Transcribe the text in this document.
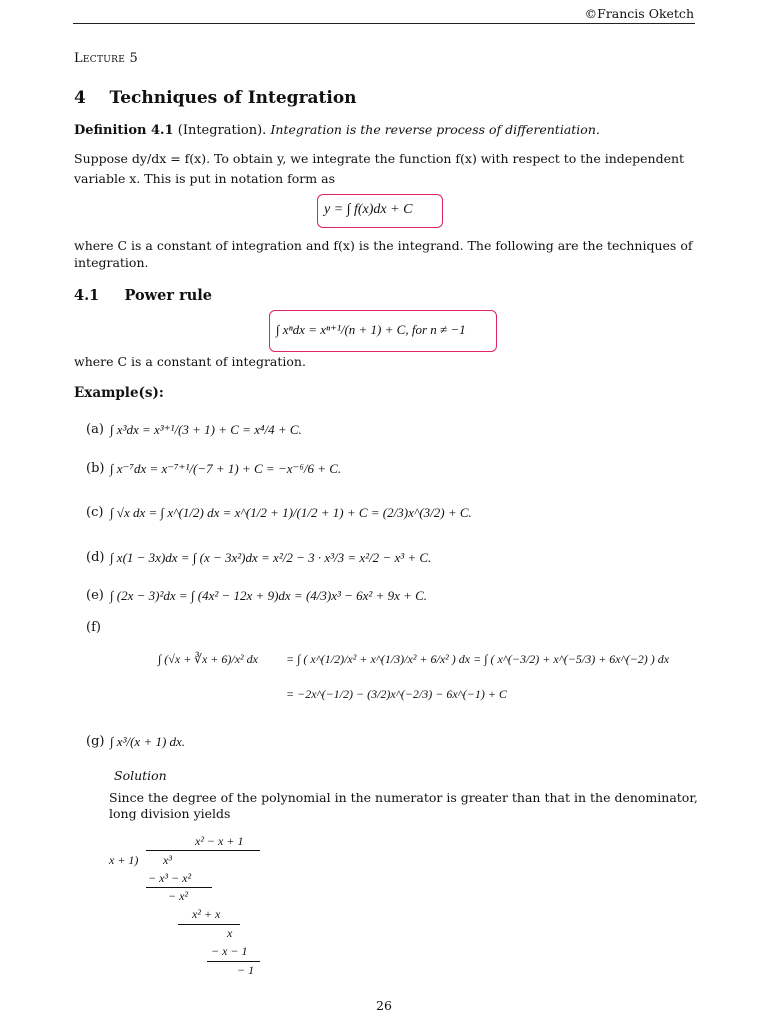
©Francis Oketch
Lecture 5
4 Techniques of Integration
Definition 4.1 (Integration). Integration is the reverse process of differentiation.
Suppose dy/dx = f(x). To obtain y, we integrate the function f(x) with respect to the independent
variable x. This is put in notation form as
y = ∫ f(x)dx + C
where C is a constant of integration and f(x) is the integrand. The following are the techniques of
integration.
4.1 Power rule
∫ xⁿdx = xⁿ⁺¹/(n + 1) + C, for n ≠ −1
where C is a constant of integration.
Example(s):
(a) ∫ x³dx = x³⁺¹/(3 + 1) + C = x⁴/4 + C.
(b) ∫ x⁻⁷dx = x⁻⁷⁺¹/(−7 + 1) + C = −x⁻⁶/6 + C.
(c) ∫ √x dx = ∫ x^(1/2) dx = x^(1/2 + 1)/(1/2 + 1) + C = (2/3)x^(3/2) + C.
(d) ∫ x(1 − 3x)dx = ∫ (x − 3x²)dx = x²/2 − 3 · x³/3 = x²/2 − x³ + C.
(e) ∫ (2x − 3)²dx = ∫ (4x² − 12x + 9)dx = (4/3)x³ − 6x² + 9x + C.
(f)
∫ (√x + ∛x + 6)/x² dx = ∫ ( x^(1/2)/x² + x^(1/3)/x² + 6/x² ) dx = ∫ ( x^(−3/2) + x^(−5/3) + 6x^(−2) ) dx
= −2x^(−1/2) − (3/2)x^(−2/3) − 6x^(−1) + C
(g) ∫ x³/(x + 1) dx.
Solution
Since the degree of the polynomial in the numerator is greater than that in the denominator,
long division yields
x² − x + 1
x + 1) x³
− x³ − x²
− x²
x² + x
x
− x − 1
− 1
26
